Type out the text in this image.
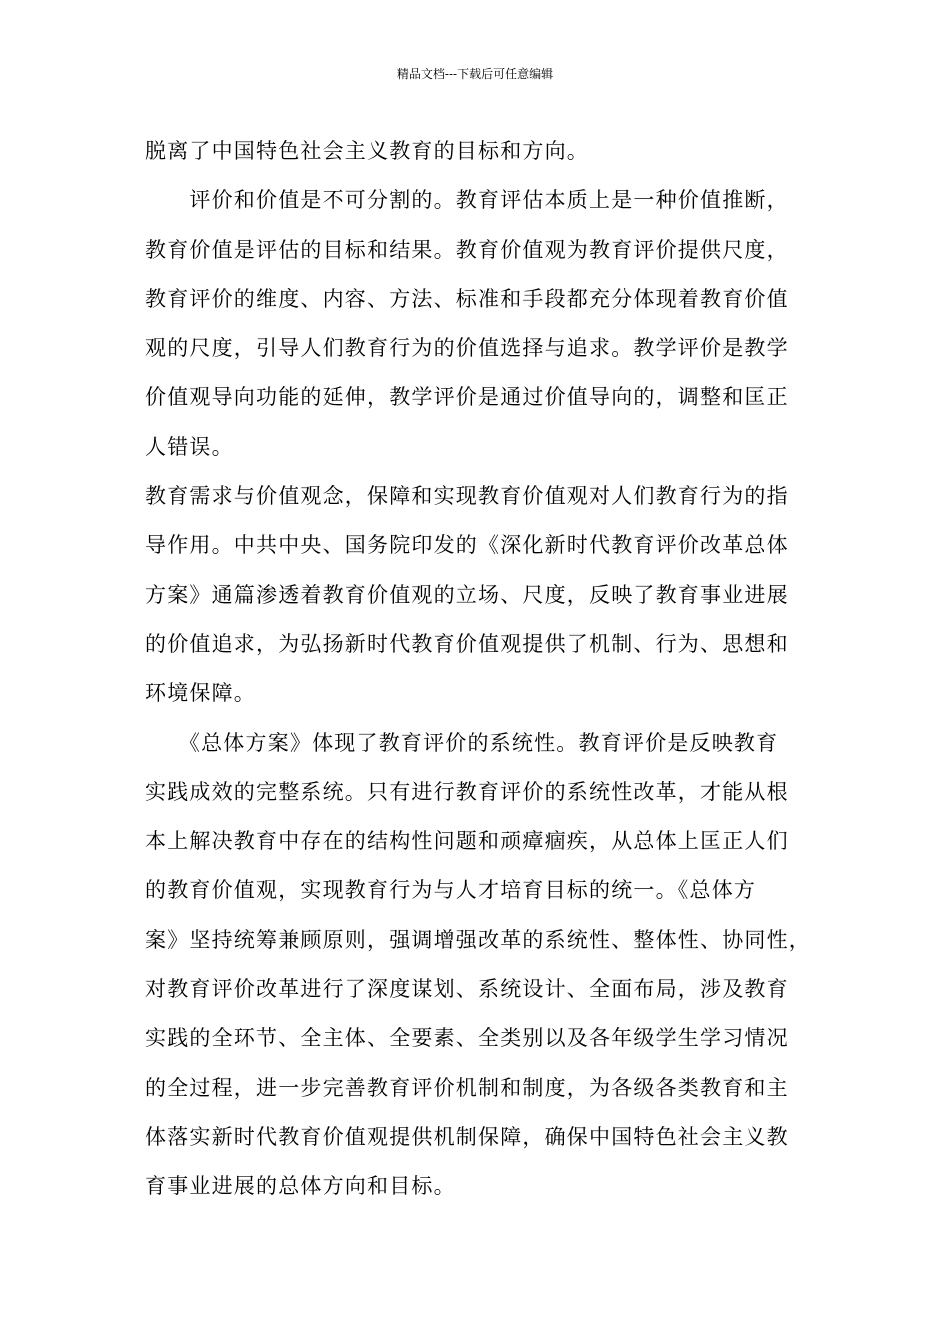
精品文档---下载后可任意编辑
脱离了中国特色社会主义教育的目标和方向。
　　评价和价值是不可分割的。教育评估本质上是一种价值推断，
教育价值是评估的目标和结果。教育价值观为教育评价提供尺度，
教育评价的维度、内容、方法、标准和手段都充分体现着教育价值
观的尺度，引导人们教育行为的价值选择与追求。教学评价是教学
价值观导向功能的延伸，教学评价是通过价值导向的，调整和匡正
人错误。
教育需求与价值观念，保障和实现教育价值观对人们教育行为的指
导作用。中共中央、国务院印发的《深化新时代教育评价改革总体
方案》通篇渗透着教育价值观的立场、尺度，反映了教育事业进展
的价值追求，为弘扬新时代教育价值观提供了机制、行为、思想和
环境保障。
　　《总体方案》体现了教育评价的系统性。教育评价是反映教育
实践成效的完整系统。只有进行教育评价的系统性改革，才能从根
本上解决教育中存在的结构性问题和顽瘴痼疾，从总体上匡正人们
的教育价值观，实现教育行为与人才培育目标的统一。《总体方
案》坚持统筹兼顾原则，强调增强改革的系统性、整体性、协同性，
对教育评价改革进行了深度谋划、系统设计、全面布局，涉及教育
实践的全环节、全主体、全要素、全类别以及各年级学生学习情况
的全过程，进一步完善教育评价机制和制度，为各级各类教育和主
体落实新时代教育价值观提供机制保障，确保中国特色社会主义教
育事业进展的总体方向和目标。
